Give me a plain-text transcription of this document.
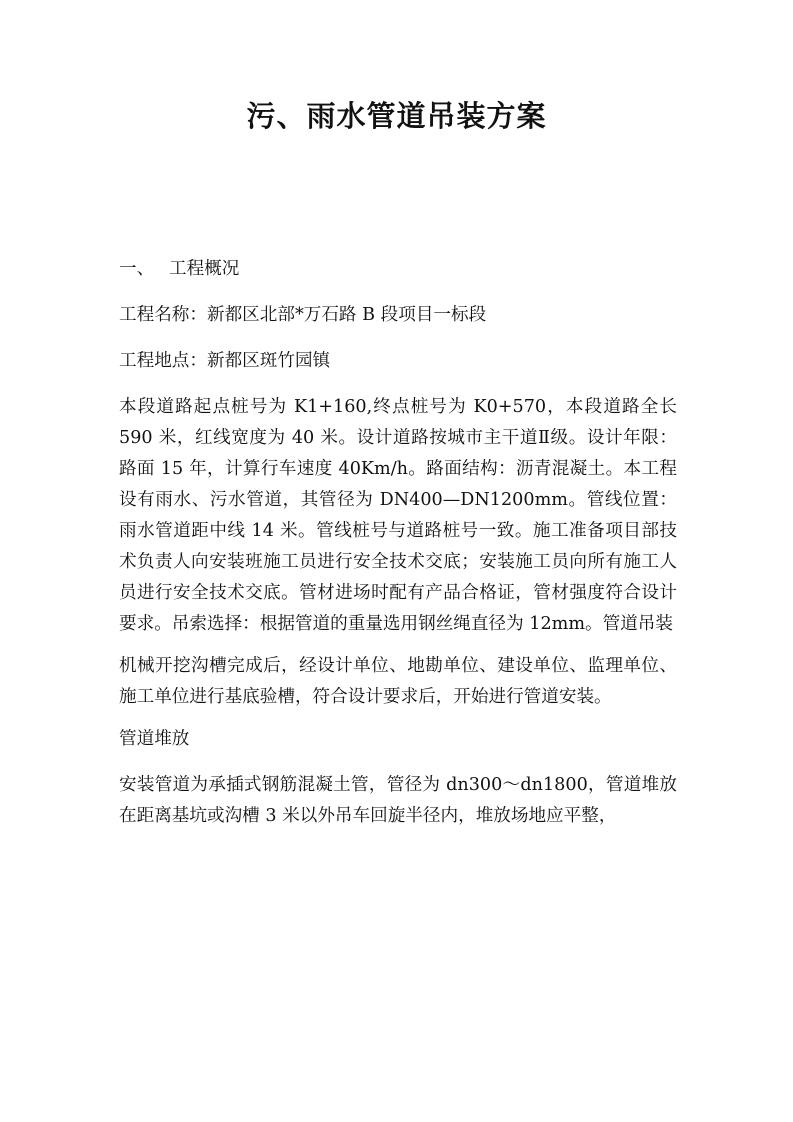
污、雨水管道吊装方案

一、 工程概况

工程名称：新都区北部*万石路 B 段项目一标段

工程地点：新都区斑竹园镇

本段道路起点桩号为 K1+160,终点桩号为 K0+570，本段道路全长 590 米，红线宽度为 40 米。设计道路按城市主干道Ⅱ级。设计年限：路面 15 年，计算行车速度 40Km/h。路面结构：沥青混凝土。本工程设有雨水、污水管道，其管径为 DN400—DN1200mm。管线位置：雨水管道距中线 14 米。管线桩号与道路桩号一致。施工准备项目部技术负责人向安装班施工员进行安全技术交底；安装施工员向所有施工人员进行安全技术交底。管材进场时配有产品合格证，管材强度符合设计要求。吊索选择：根据管道的重量选用钢丝绳直径为 12mm。管道吊装

机械开挖沟槽完成后，经设计单位、地勘单位、建设单位、监理单位、施工单位进行基底验槽，符合设计要求后，开始进行管道安装。

管道堆放

安装管道为承插式钢筋混凝土管，管径为 dn300～dn1800，管道堆放在距离基坑或沟槽 3 米以外吊车回旋半径内，堆放场地应平整，
